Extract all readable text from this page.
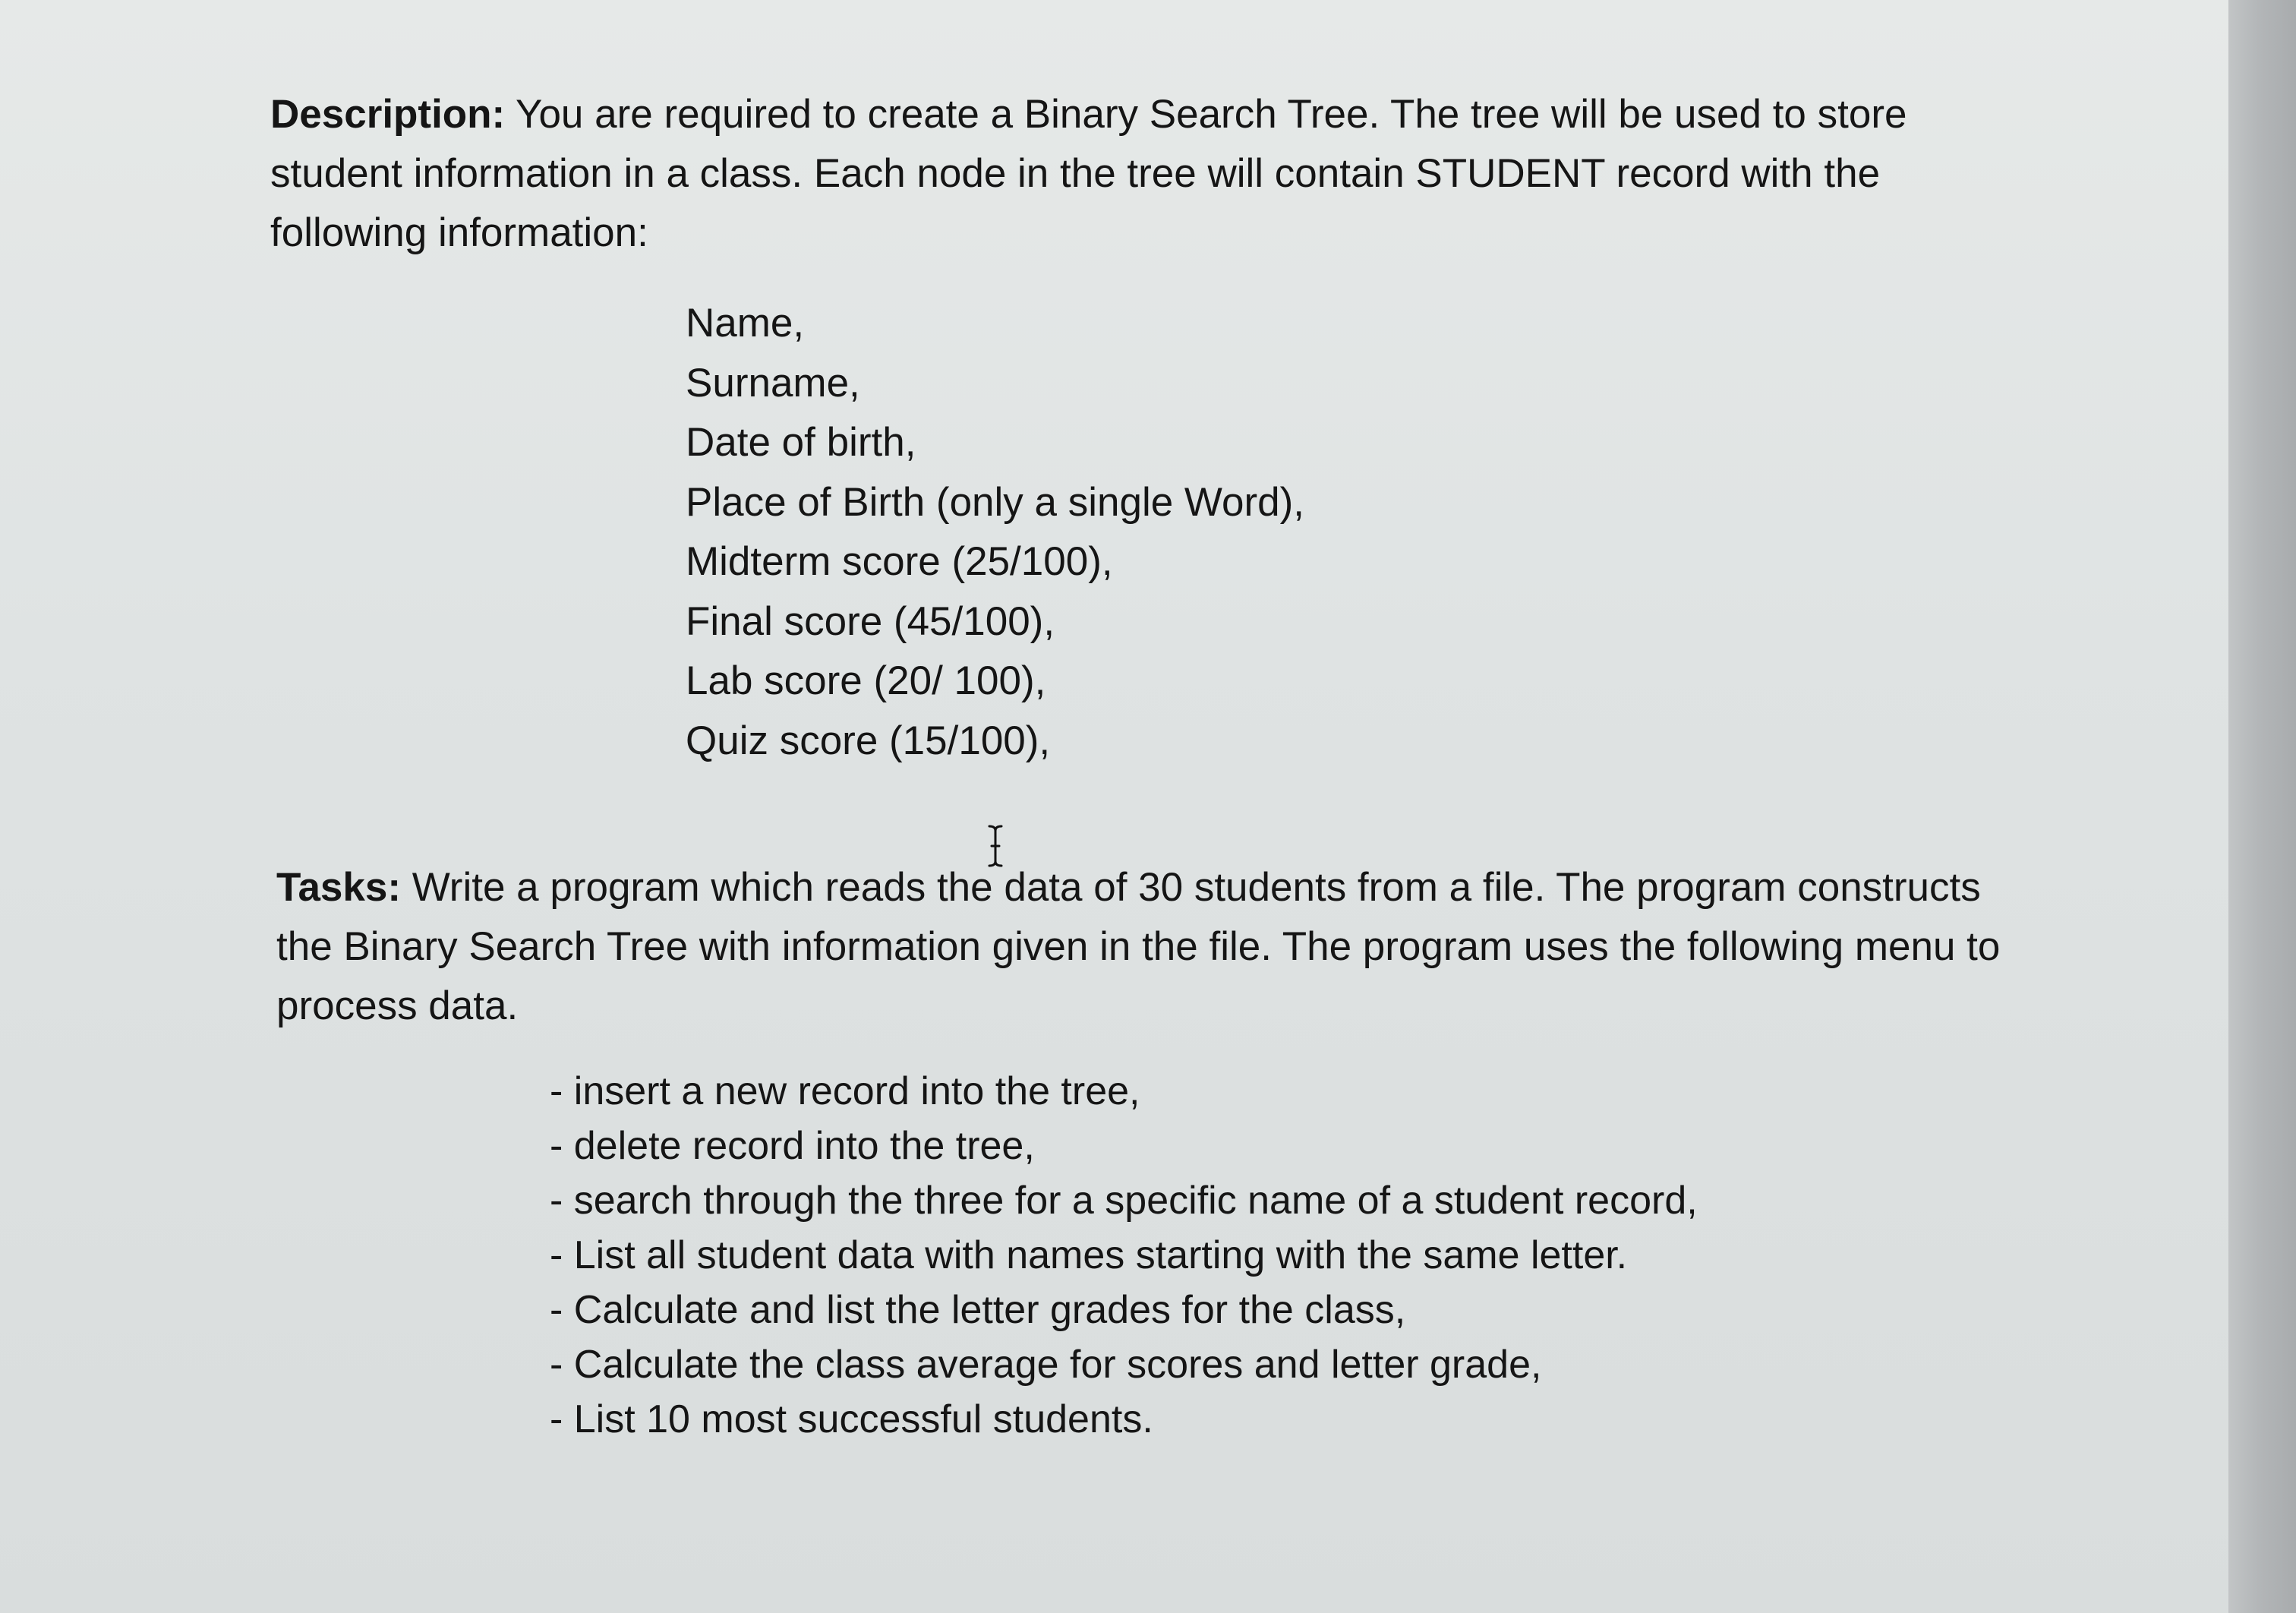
Description: You are required to create a Binary Search Tree. The tree will be used to store student information in a class. Each node in the tree will contain STUDENT record with the following information:

Name,
Surname,
Date of birth,
Place of Birth (only a single Word),
Midterm score (25/100),
Final score (45/100),
Lab score (20/ 100),
Quiz score (15/100),

Tasks: Write a program which reads the data of 30 students from a file. The program constructs the Binary Search Tree with information given in the file. The program uses the following menu to process data.

- insert a new record into the tree,
- delete record into the tree,
- search through the three for a specific name of a student record,
- List all student data with names starting with the same letter.
- Calculate and list the letter grades for the class,
- Calculate the class average for scores and letter grade,
- List 10 most successful students.
